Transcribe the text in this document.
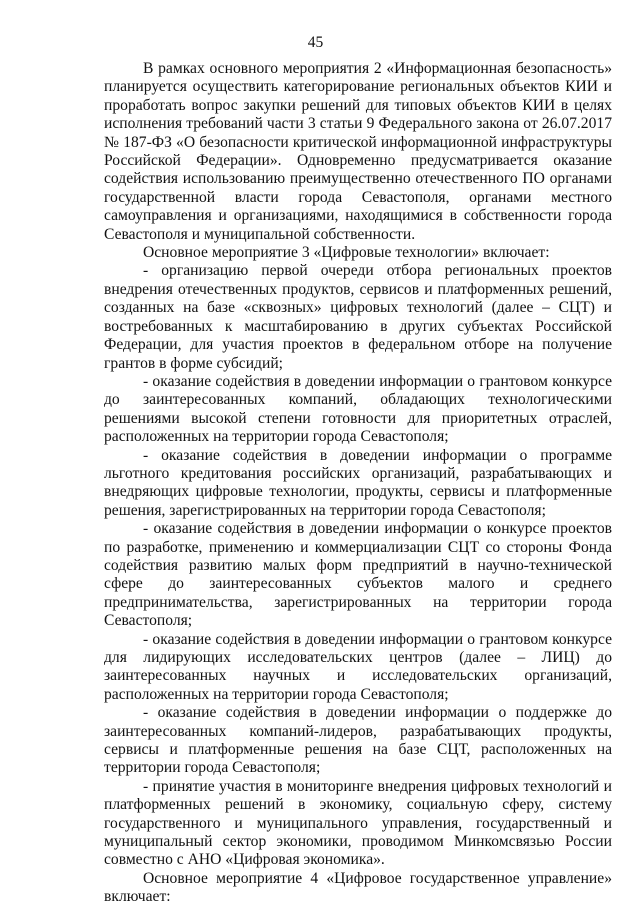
45

В рамках основного мероприятия 2 «Информационная безопасность» планируется осуществить категорирование региональных объектов КИИ и проработать вопрос закупки решений для типовых объектов КИИ в целях исполнения требований части 3 статьи 9 Федерального закона от 26.07.2017 № 187-ФЗ «О безопасности критической информационной инфраструктуры Российской Федерации». Одновременно предусматривается оказание содействия использованию преимущественно отечественного ПО органами государственной власти города Севастополя, органами местного самоуправления и организациями, находящимися в собственности города Севастополя и муниципальной собственности.

Основное мероприятие 3 «Цифровые технологии» включает:

- организацию первой очереди отбора региональных проектов внедрения отечественных продуктов, сервисов и платформенных решений, созданных на базе «сквозных» цифровых технологий (далее – СЦТ) и востребованных к масштабированию в других субъектах Российской Федерации, для участия проектов в федеральном отборе на получение грантов в форме субсидий;

- оказание содействия в доведении информации о грантовом конкурсе до заинтересованных компаний, обладающих технологическими решениями высокой степени готовности для приоритетных отраслей, расположенных на территории города Севастополя;

- оказание содействия в доведении информации о программе льготного кредитования российских организаций, разрабатывающих и внедряющих цифровые технологии, продукты, сервисы и платформенные решения, зарегистрированных на территории города Севастополя;

- оказание содействия в доведении информации о конкурсе проектов по разработке, применению и коммерциализации СЦТ со стороны Фонда содействия развитию малых форм предприятий в научно-технической сфере до заинтересованных субъектов малого и среднего предпринимательства, зарегистрированных на территории города Севастополя;

- оказание содействия в доведении информации о грантовом конкурсе для лидирующих исследовательских центров (далее – ЛИЦ) до заинтересованных научных и исследовательских организаций, расположенных на территории города Севастополя;

- оказание содействия в доведении информации о поддержке до заинтересованных компаний-лидеров, разрабатывающих продукты, сервисы и платформенные решения на базе СЦТ, расположенных на территории города Севастополя;

- принятие участия в мониторинге внедрения цифровых технологий и платформенных решений в экономику, социальную сферу, систему государственного и муниципального управления, государственный и муниципальный сектор экономики, проводимом Минкомсвязью России совместно с АНО «Цифровая экономика».

Основное мероприятие 4 «Цифровое государственное управление» включает:
